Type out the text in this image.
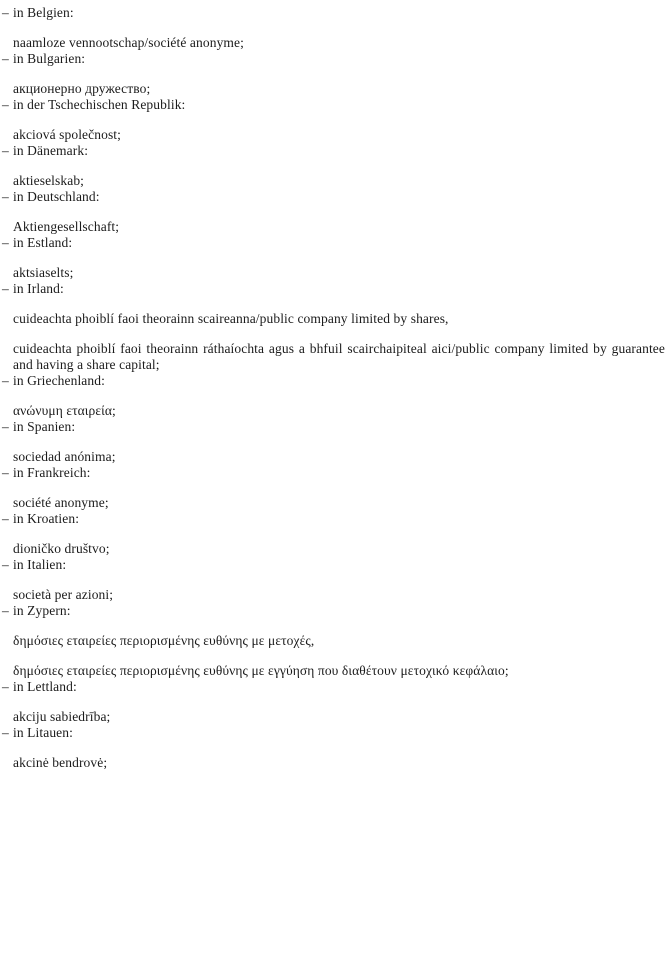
– in Belgien:
naamloze vennootschap/société anonyme;
– in Bulgarien:
акционерно дружество;
– in der Tschechischen Republik:
akciová společnost;
– in Dänemark:
aktieselskab;
– in Deutschland:
Aktiengesellschaft;
– in Estland:
aktsiaselts;
– in Irland:
cuideachta phoiblí faoi theorainn scaireanna/public company limited by shares,
cuideachta phoiblí faoi theorainn ráthaíochta agus a bhfuil scairchaipiteal aici/public company limited by guarantee and having a share capital;
– in Griechenland:
ανώνυμη εταιρεία;
– in Spanien:
sociedad anónima;
– in Frankreich:
société anonyme;
– in Kroatien:
dioničko društvo;
– in Italien:
società per azioni;
– in Zypern:
δημόσιες εταιρείες περιορισμένης ευθύνης με μετοχές,
δημόσιες εταιρείες περιορισμένης ευθύνης με εγγύηση που διαθέτουν μετοχικό κεφάλαιο;
– in Lettland:
akciju sabiedrība;
– in Litauen:
akcinė bendrovė;
